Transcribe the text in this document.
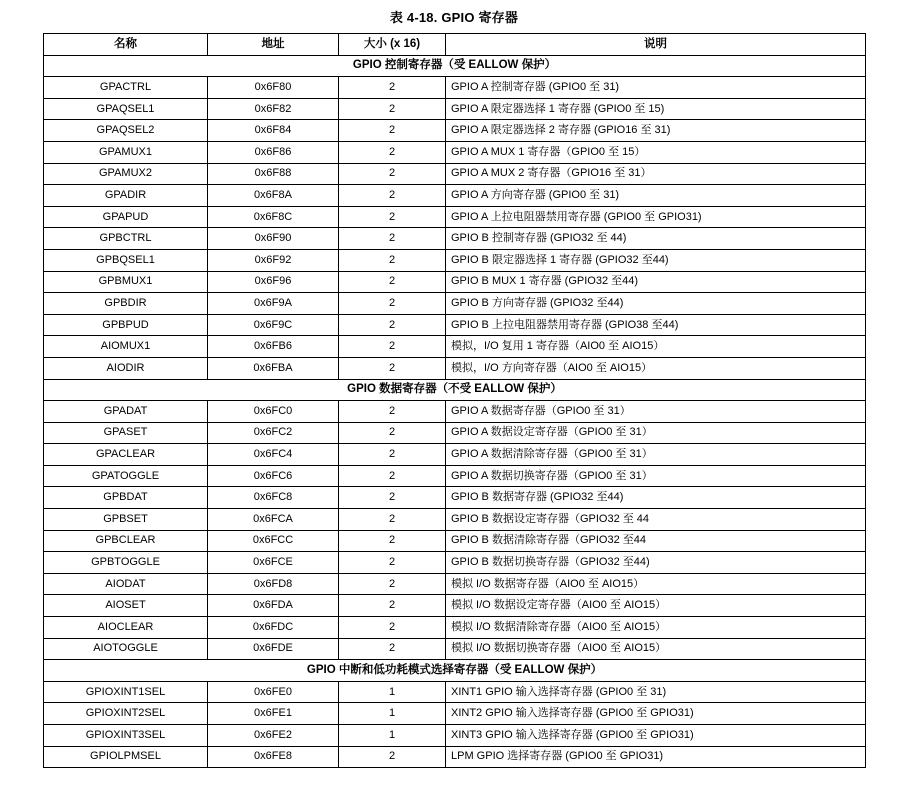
表 4-18. GPIO 寄存器
名称	地址	大小 (x 16)	说明
GPIO 控制寄存器（受 EALLOW 保护）			
GPACTRL	0x6F80	2	GPIO A 控制寄存器 (GPIO0 至 31)
GPAQSEL1	0x6F82	2	GPIO A 限定器选择 1 寄存器 (GPIO0 至 15)
GPAQSEL2	0x6F84	2	GPIO A 限定器选择 2 寄存器 (GPIO16 至 31)
GPAMUX1	0x6F86	2	GPIO A MUX 1 寄存器（GPIO0 至 15）
GPAMUX2	0x6F88	2	GPIO A MUX 2 寄存器（GPIO16 至 31）
GPADIR	0x6F8A	2	GPIO A 方向寄存器 (GPIO0 至 31)
GPAPUD	0x6F8C	2	GPIO A 上拉电阻器禁用寄存器 (GPIO0 至 GPIO31)
GPBCTRL	0x6F90	2	GPIO B 控制寄存器 (GPIO32 至 44)
GPBQSEL1	0x6F92	2	GPIO B 限定器选择 1 寄存器 (GPIO32 至44)
GPBMUX1	0x6F96	2	GPIO B MUX 1 寄存器 (GPIO32 至44)
GPBDIR	0x6F9A	2	GPIO B 方向寄存器 (GPIO32 至44)
GPBPUD	0x6F9C	2	GPIO B 上拉电阻器禁用寄存器 (GPIO38 至44)
AIOMUX1	0x6FB6	2	模拟，I/O 复用 1 寄存器（AIO0 至 AIO15）
AIODIR	0x6FBA	2	模拟，I/O 方向寄存器（AIO0 至 AIO15）
GPIO 数据寄存器（不受 EALLOW 保护）			
GPADAT	0x6FC0	2	GPIO A 数据寄存器（GPIO0 至 31）
GPASET	0x6FC2	2	GPIO A 数据设定寄存器（GPIO0 至 31）
GPACLEAR	0x6FC4	2	GPIO A 数据清除寄存器（GPIO0 至 31）
GPATOGGLE	0x6FC6	2	GPIO A 数据切换寄存器（GPIO0 至 31）
GPBDAT	0x6FC8	2	GPIO B 数据寄存器 (GPIO32 至44)
GPBSET	0x6FCA	2	GPIO B 数据设定寄存器（GPIO32 至 44
GPBCLEAR	0x6FCC	2	GPIO B 数据清除寄存器（GPIO32 至44
GPBTOGGLE	0x6FCE	2	GPIO B 数据切换寄存器（GPIO32 至44)
AIODAT	0x6FD8	2	模拟 I/O 数据寄存器（AIO0 至 AIO15）
AIOSET	0x6FDA	2	模拟 I/O 数据设定寄存器（AIO0 至 AIO15）
AIOCLEAR	0x6FDC	2	模拟 I/O 数据清除寄存器（AIO0 至 AIO15）
AIOTOGGLE	0x6FDE	2	模拟 I/O 数据切换寄存器（AIO0 至 AIO15）
GPIO 中断和低功耗模式选择寄存器（受 EALLOW 保护）			
GPIOXINT1SEL	0x6FE0	1	XINT1 GPIO 输入选择寄存器 (GPIO0 至 31)
GPIOXINT2SEL	0x6FE1	1	XINT2 GPIO 输入选择寄存器 (GPIO0 至 GPIO31)
GPIOXINT3SEL	0x6FE2	1	XINT3 GPIO 输入选择寄存器 (GPIO0 至 GPIO31)
GPIOLPMSEL	0x6FE8	2	LPM GPIO 选择寄存器 (GPIO0 至 GPIO31)
